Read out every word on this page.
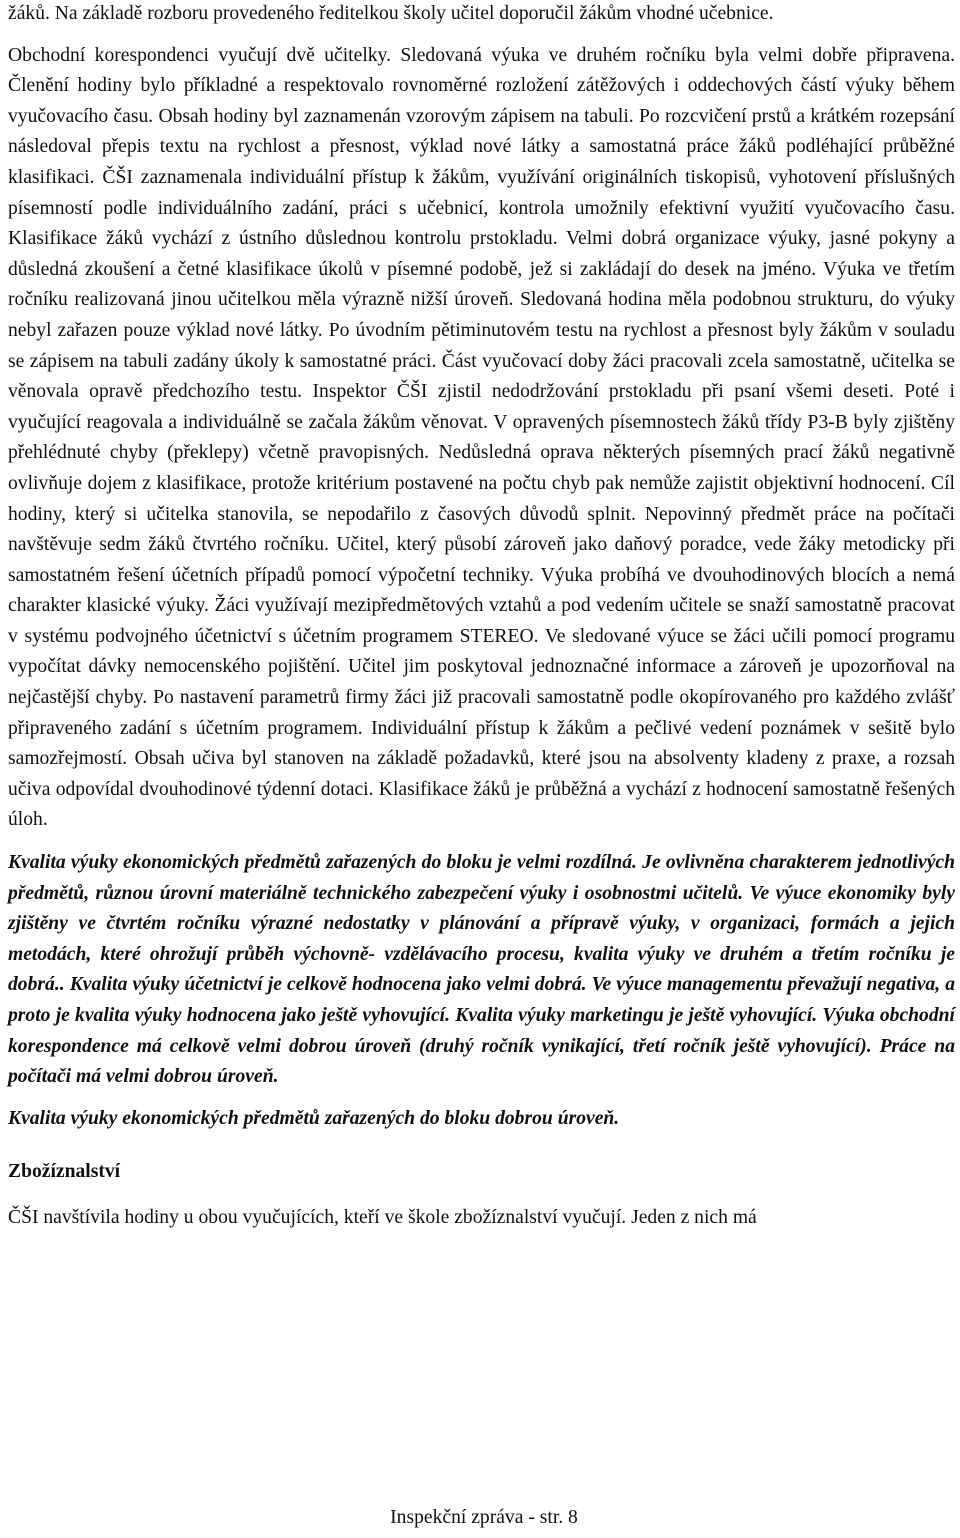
žáků. Na základě rozboru provedeného ředitelkou školy učitel doporučil žákům vhodné učebnice.

Obchodní korespondenci vyučují dvě učitelky. Sledovaná výuka ve druhém ročníku byla velmi dobře připravena. Členění hodiny bylo příkladné a respektovalo rovnoměrné rozložení zátěžových i oddechových částí výuky během vyučovacího času. Obsah hodiny byl zaznamenán vzorovým zápisem na tabuli. Po rozcvičení prstů a krátkém rozepsání následoval přepis textu na rychlost a přesnost, výklad nové látky a samostatná práce žáků podléhající průběžné klasifikaci. ČŠI zaznamenala individuální přístup k žákům, využívání originálních tiskopisů, vyhotovení příslušných písemností podle individuálního zadání, práci s učebnicí, kontrola umožnily efektivní využití vyučovacího času. Klasifikace žáků vychází z ústního důslednou kontrolu prstokladu. Velmi dobrá organizace výuky, jasné pokyny a důsledná zkoušení a četné klasifikace úkolů v písemné podobě, jež si zakládají do desek na jméno. Výuka ve třetím ročníku realizovaná jinou učitelkou měla výrazně nižší úroveň. Sledovaná hodina měla podobnou strukturu, do výuky nebyl zařazen pouze výklad nové látky. Po úvodním pětiminutovém testu na rychlost a přesnost byly žákům v souladu se zápisem na tabuli zadány úkoly k samostatné práci. Část vyučovací doby žáci pracovali zcela samostatně, učitelka se věnovala opravě předchozího testu. Inspektor ČŠI zjistil nedodržování prstokladu při psaní všemi deseti. Poté i vyučující reagovala a individuálně se začala žákům věnovat. V opravených písemnostech žáků třídy P3-B byly zjištěny přehlédnuté chyby (překlepy) včetně pravopisných. Nedůsledná oprava některých písemných prací žáků negativně ovlivňuje dojem z klasifikace, protože kritérium postavené na počtu chyb pak nemůže zajistit objektivní hodnocení. Cíl hodiny, který si učitelka stanovila, se nepodařilo z časových důvodů splnit. Nepovinný předmět práce na počítači navštěvuje sedm žáků čtvrtého ročníku. Učitel, který působí zároveň jako daňový poradce, vede žáky metodicky při samostatném řešení účetních případů pomocí výpočetní techniky. Výuka probíhá ve dvouhodinových blocích a nemá charakter klasické výuky. Žáci využívají mezipředmětových vztahů a pod vedením učitele se snaží samostatně pracovat v systému podvojného účetnictví s účetním programem STEREO. Ve sledované výuce se žáci učili pomocí programu vypočítat dávky nemocenského pojištění. Učitel jim poskytoval jednoznačné informace a zároveň je upozorňoval na nejčastější chyby. Po nastavení parametrů firmy žáci již pracovali samostatně podle okopírovaného pro každého zvlášť připraveného zadání s účetním programem. Individuální přístup k žákům a pečlivé vedení poznámek v sešitě bylo samozřejmostí. Obsah učiva byl stanoven na základě požadavků, které jsou na absolventy kladeny z praxe, a rozsah učiva odpovídal dvouhodinové týdenní dotaci. Klasifikace žáků je průběžná a vychází z hodnocení samostatně řešených úloh.

Kvalita výuky ekonomických předmětů zařazených do bloku je velmi rozdílná. Je ovlivněna charakterem jednotlivých předmětů, různou úrovní materiálně technického zabezpečení výuky i osobnostmi učitelů. Ve výuce ekonomiky byly zjištěny ve čtvrtém ročníku výrazné nedostatky v plánování a přípravě výuky, v organizaci, formách a jejich metodách, které ohrožují průběh výchovně- vzdělávacího procesu, kvalita výuky ve druhém a třetím ročníku je dobrá.. Kvalita výuky účetnictví je celkově hodnocena jako velmi dobrá. Ve výuce managementu převažují negativa, a proto je kvalita výuky hodnocena jako ještě vyhovující. Kvalita výuky marketingu je ještě vyhovující. Výuka obchodní korespondence má celkově velmi dobrou úroveň (druhý ročník vynikající, třetí ročník ještě vyhovující). Práce na počítači má velmi dobrou úroveň.

Kvalita výuky ekonomických předmětů zařazených do bloku dobrou úroveň.

Zbožíznalství

ČŠI navštívila hodiny u obou vyučujících, kteří ve škole zbožíznalství vyučují. Jeden z nich má

Inspekční zpráva - str. 8
